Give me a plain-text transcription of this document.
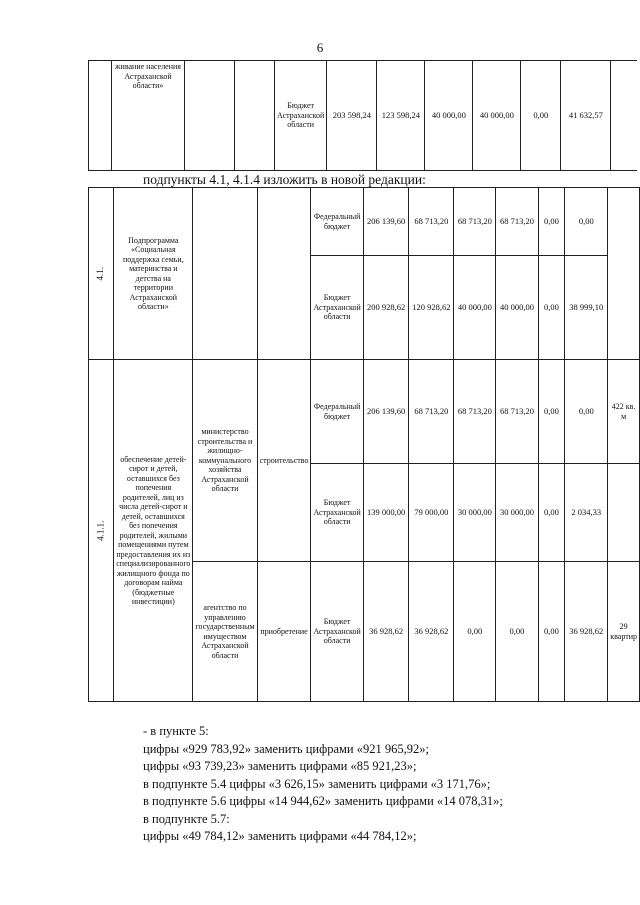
6
	живание населения Астраханской области»			Бюджет Астраханской области	203 598,24	123 598,24	40 000,00	40 000,00	0,00	41 632,57	
подпункты 4.1, 4.1.4 изложить в новой редакции:
4.1.	Подпрограмма «Социальная поддержка семьи, материнства и детства на территории Астраханской области»			Федеральный бюджет	206 139,60	68 713,20	68 713,20	68 713,20	0,00	0,00	
				Бюджет Астраханской области	200 928,62	120 928,62	40 000,00	40 000,00	0,00	38 999,10	
4.1.1.	обеспечение детей-сирот и детей, оставшихся без попечения родителей, лиц из числа детей-сирот и детей, оставшихся без попечения родителей, жилыми помещениями путем предоставления их из специализированного жилищного фонда по договорам найма (бюджетные инвестиции)	министерство строительства и жилищно-коммунального хозяйства Астраханской области	строительство	Федеральный бюджет	206 139,60	68 713,20	68 713,20	68 713,20	0,00	0,00	422 кв. м
				Бюджет Астраханской области	139 000,00	79 000,00	30 000,00	30 000,00	0,00	2 034,33	
		агентство по управлению государственным имуществом Астраханской области	приобретение	Бюджет Астраханской области	36 928,62	36 928,62	0,00	0,00	0,00	36 928,62	29 квартир
- в пункте 5:
цифры «929 783,92» заменить цифрами «921 965,92»;
цифры «93 739,23» заменить цифрами «85 921,23»;
в подпункте 5.4 цифры «3 626,15» заменить цифрами «3 171,76»;
в подпункте 5.6 цифры «14 944,62» заменить цифрами «14 078,31»;
в подпункте 5.7:
цифры «49 784,12» заменить цифрами «44 784,12»;
